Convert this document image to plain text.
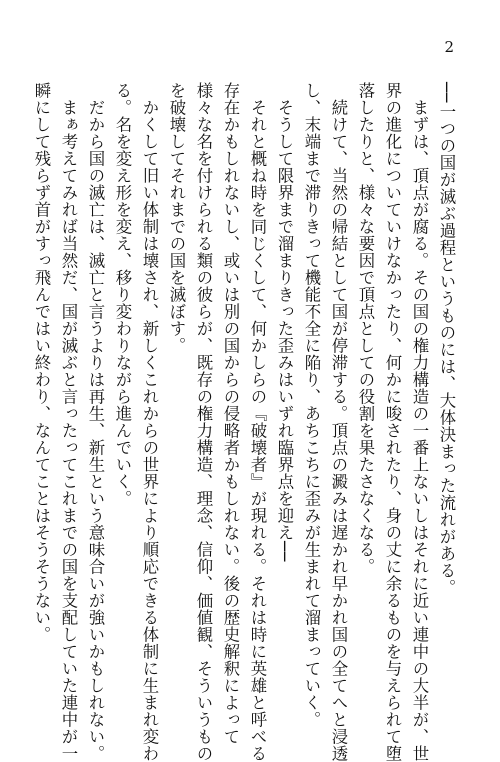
2
──一つの国が滅ぶ過程というものには、大体決まった流れがある。
　まずは、頂点が腐る。その国の権力構造の一番上ないしはそれに近い連中の大半が、世
界の進化についていけなかったり、何かに唆されたり、身の丈に余るものを与えられて堕
落したりと、様々な要因で頂点としての役割を果たさなくなる。
　続けて、当然の帰結として国が停滞する。頂点の澱みは遅かれ早かれ国の全てへと浸透
し、末端まで滞りきって機能不全に陥り、あちこちに歪みが生まれて溜まっていく。
　そうして限界まで溜まりきった歪みはいずれ臨界点を迎え──
　それと概ね時を同じくして、何かしらの『破壊者』が現れる。それは時に英雄と呼べる
存在かもしれないし、或いは別の国からの侵略者かもしれない。後の歴史解釈によって
様々な名を付けられる類の彼らが、既存の権力構造、理念、信仰、価値観、そういうもの
を破壊してそれまでの国を滅ぼす。
　かくして旧い体制は壊され、新しくこれからの世界により順応できる体制に生まれ変わ
る。名を変え形を変え、移り変わりながら進んでいく。
　だから国の滅亡は、滅亡と言うよりは再生、新生という意味合いが強いかもしれない。
　まぁ考えてみれば当然だ、国が滅ぶと言ったってこれまでの国を支配していた連中が一
瞬にして残らず首がすっ飛んではい終わり、なんてことはそうそうない。
